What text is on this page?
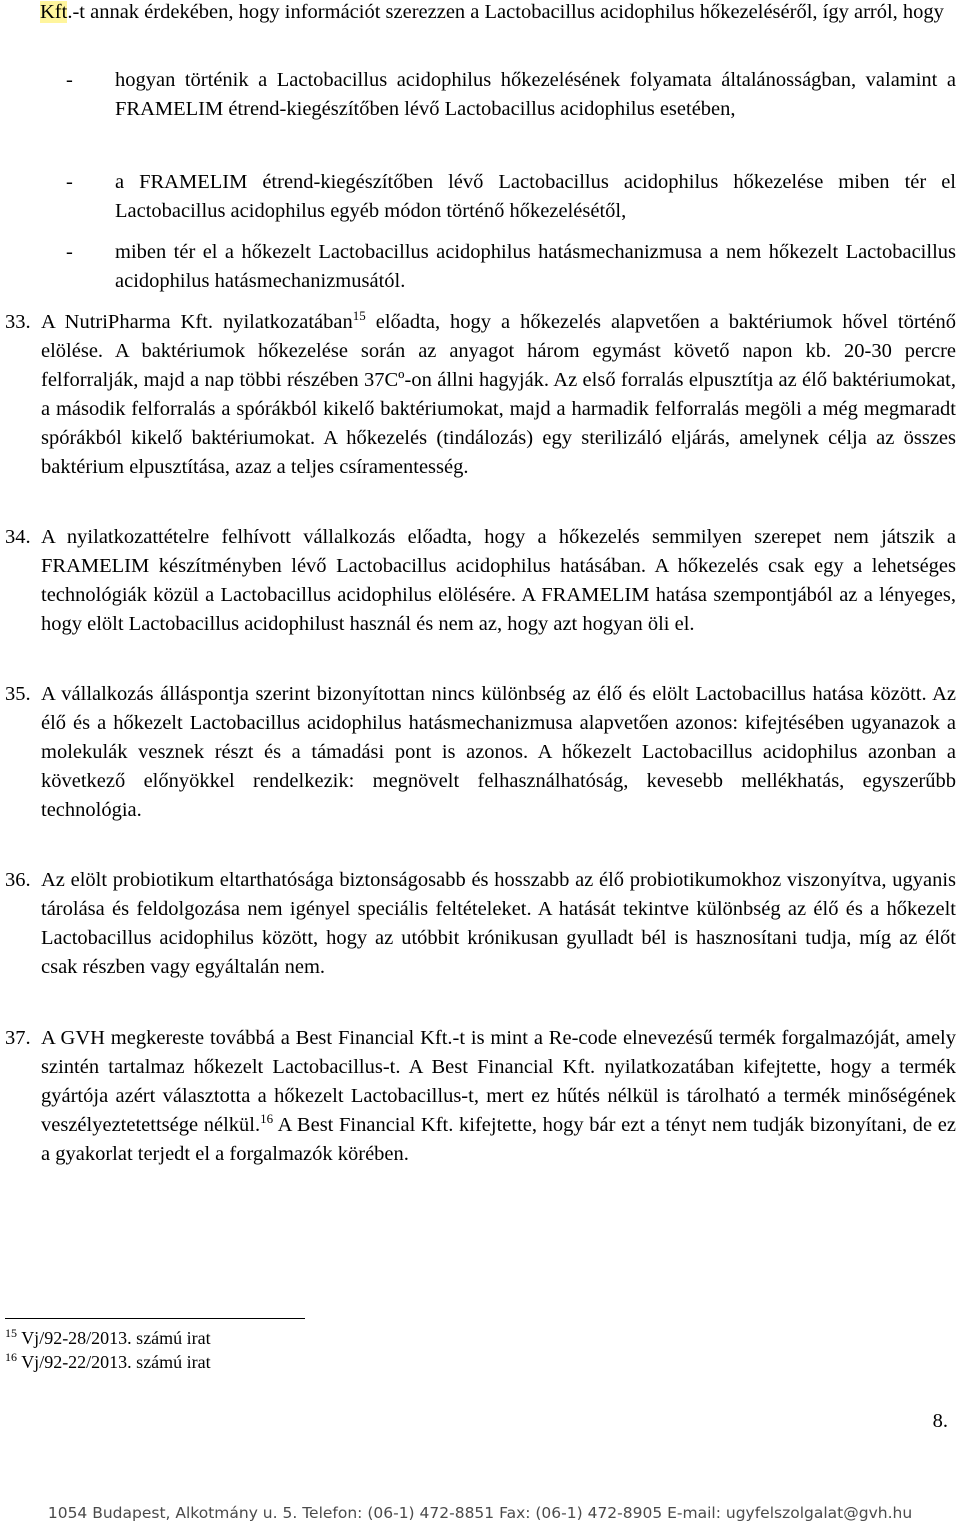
Kft.-t annak érdekében, hogy információt szerezzen a Lactobacillus acidophilus hőkezeléséről, így arról, hogy
-	hogyan történik a Lactobacillus acidophilus hőkezelésének folyamata általánosságban, valamint a FRAMELIM étrend-kiegészítőben lévő Lactobacillus acidophilus esetében,
-	a FRAMELIM étrend-kiegészítőben lévő Lactobacillus acidophilus hőkezelése miben tér el Lactobacillus acidophilus egyéb módon történő hőkezelésétől,
-	miben tér el a hőkezelt Lactobacillus acidophilus hatásmechanizmusa a nem hőkezelt Lactobacillus acidophilus hatásmechanizmusától.
33. A NutriPharma Kft. nyilatkozatában$^{15}$ előadta, hogy a hőkezelés alapvetően a baktériumok hővel történő elölése. A baktériumok hőkezelése során az anyagot három egymást követő napon kb. 20-30 percre felforralják, majd a nap többi részében 37Cº-on állni hagyják. Az első forralás elpusztítja az élő baktériumokat, a második felforralás a spórákból kikelő baktériumokat, majd a harmadik felforralás megöli a még megmaradt spórákból kikelő baktériumokat. A hőkezelés (tindálozás) egy sterilizáló eljárás, amelynek célja az összes baktérium elpusztítása, azaz a teljes csíramentesség.
34. A nyilatkozattételre felhívott vállalkozás előadta, hogy a hőkezelés semmilyen szerepet nem játszik a FRAMELIM készítményben lévő Lactobacillus acidophilus hatásában. A hőkezelés csak egy a lehetséges technológiák közül a Lactobacillus acidophilus elölésére. A FRAMELIM hatása szempontjából az a lényeges, hogy elölt Lactobacillus acidophilust használ és nem az, hogy azt hogyan öli el.
35. A vállalkozás álláspontja szerint bizonyítottan nincs különbség az élő és elölt Lactobacillus hatása között. Az élő és a hőkezelt Lactobacillus acidophilus hatásmechanizmusa alapvetően azonos: kifejtésében ugyanazok a molekulák vesznek részt és a támadási pont is azonos. A hőkezelt Lactobacillus acidophilus azonban a következő előnyökkel rendelkezik: megnövelt felhasználhatóság, kevesebb mellékhatás, egyszerűbb technológia.
36. Az elölt probiotikum eltarthatósága biztonságosabb és hosszabb az élő probiotikumokhoz viszonyítva, ugyanis tárolása és feldolgozása nem igényel speciális feltételeket. A hatását tekintve különbség az élő és a hőkezelt Lactobacillus acidophilus között, hogy az utóbbit krónikusan gyulladt bél is hasznosítani tudja, míg az élőt csak részben vagy egyáltalán nem.
37. A GVH megkereste továbbá a Best Financial Kft.-t is mint a Re-code elnevezésű termék forgalmazóját, amely szintén tartalmaz hőkezelt Lactobacillus-t. A Best Financial Kft. nyilatkozatában kifejtette, hogy a termék gyártója azért választotta a hőkezelt Lactobacillus-t, mert ez hűtés nélkül is tárolható a termék minőségének veszélyeztetettsége nélkül.$^{16}$ A Best Financial Kft. kifejtette, hogy bár ezt a tényt nem tudják bizonyítani, de ez a gyakorlat terjedt el a forgalmazók körében.
$^{15}$ Vj/92-28/2013. számú irat
$^{16}$ Vj/92-22/2013. számú irat
8.
1054 Budapest, Alkotmány u. 5. Telefon: (06-1) 472-8851 Fax: (06-1) 472-8905 E-mail: ugyfelszolgalat@gvh.hu
